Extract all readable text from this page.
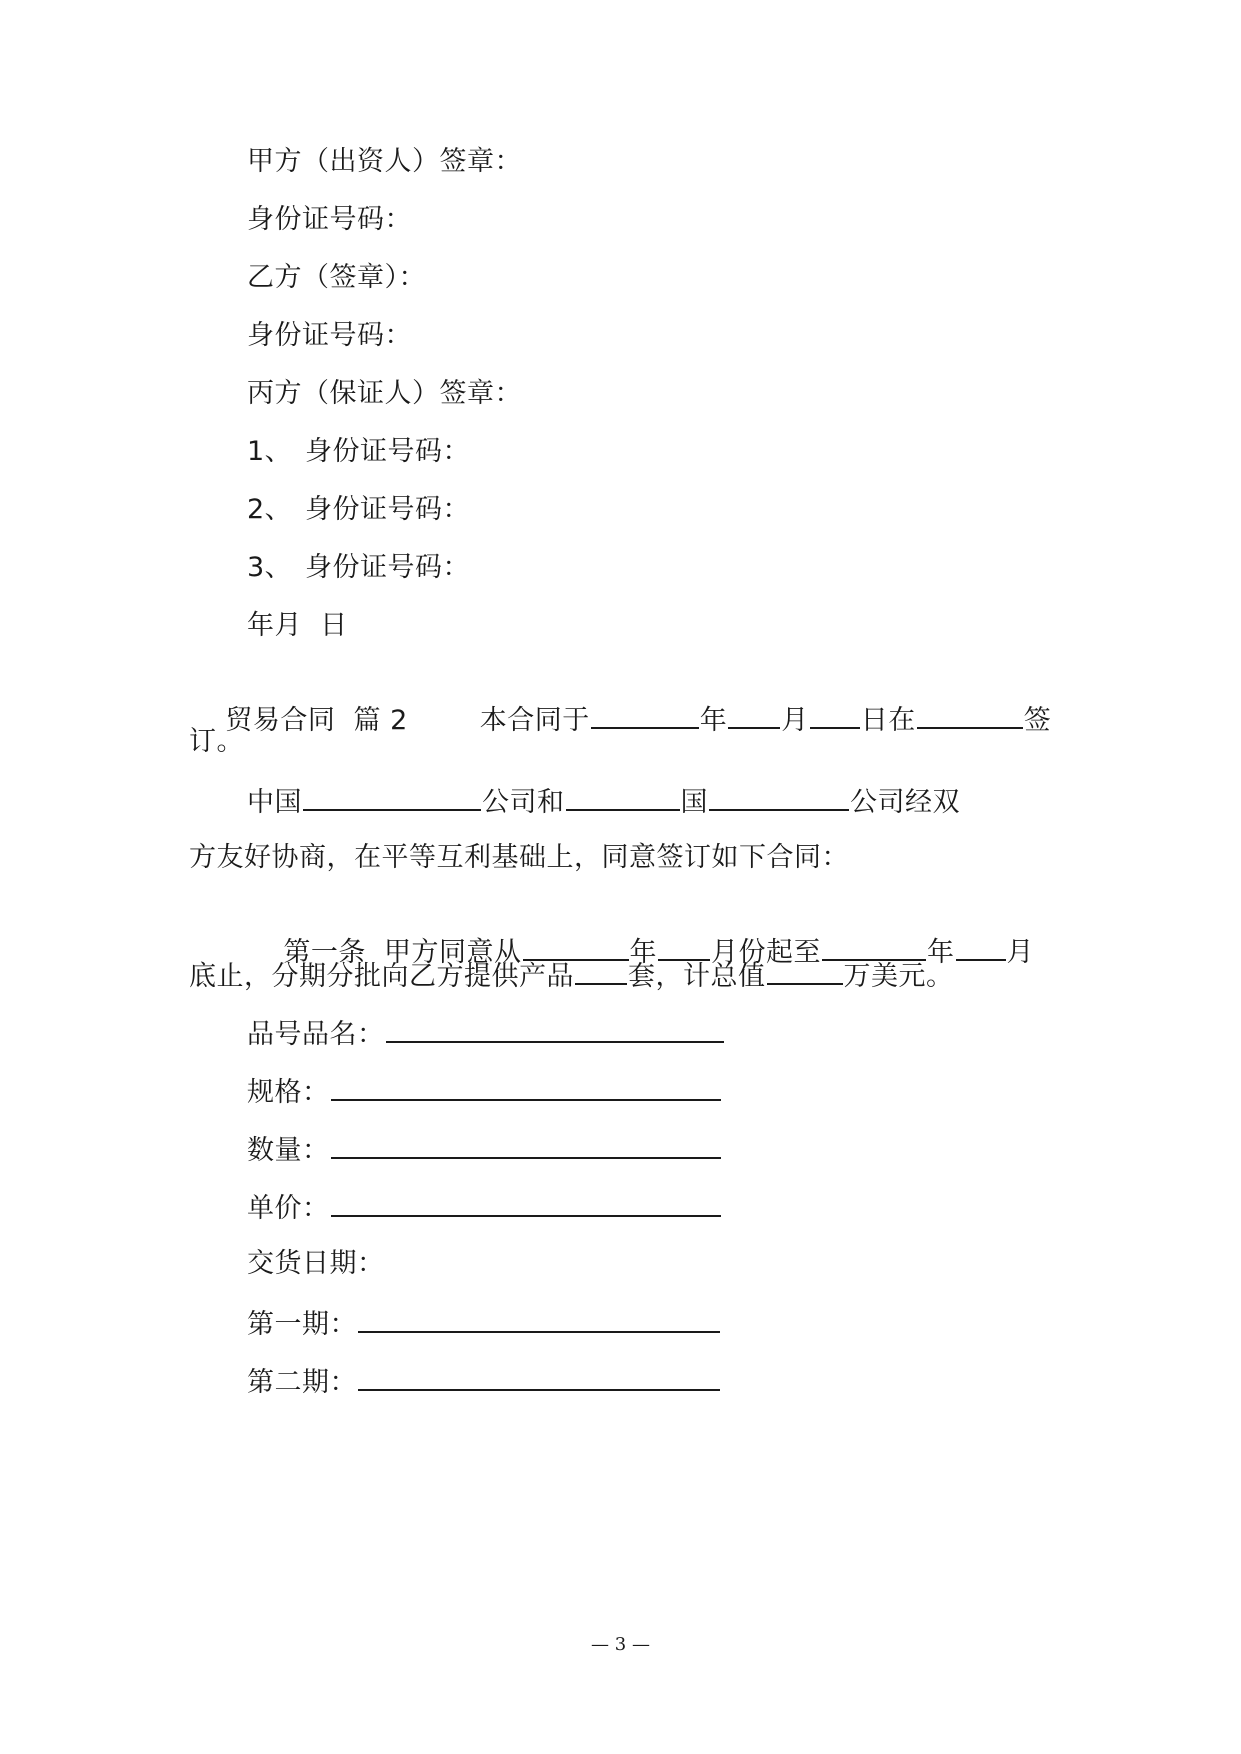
甲方（出资人）签章：
身份证号码：
乙方（签章）：
身份证号码：
丙方（保证人）签章：
1、 身份证号码：
2、 身份证号码：
3、 身份证号码：
年月  日

贸易合同  篇 2	本合同于	年 月 日在	签

订。
中国	公司和	国	公司经双
方友好协商，在平等互利基础上，同意签订如下合同：

第一条  甲方同意从	年 月份起至	年 月

底止，分期分批向乙方提供产品 套，计总值	万美元。
品号品名：
规格：
数量：
单价：
交货日期：
第一期：
第二期：
— 3 —
